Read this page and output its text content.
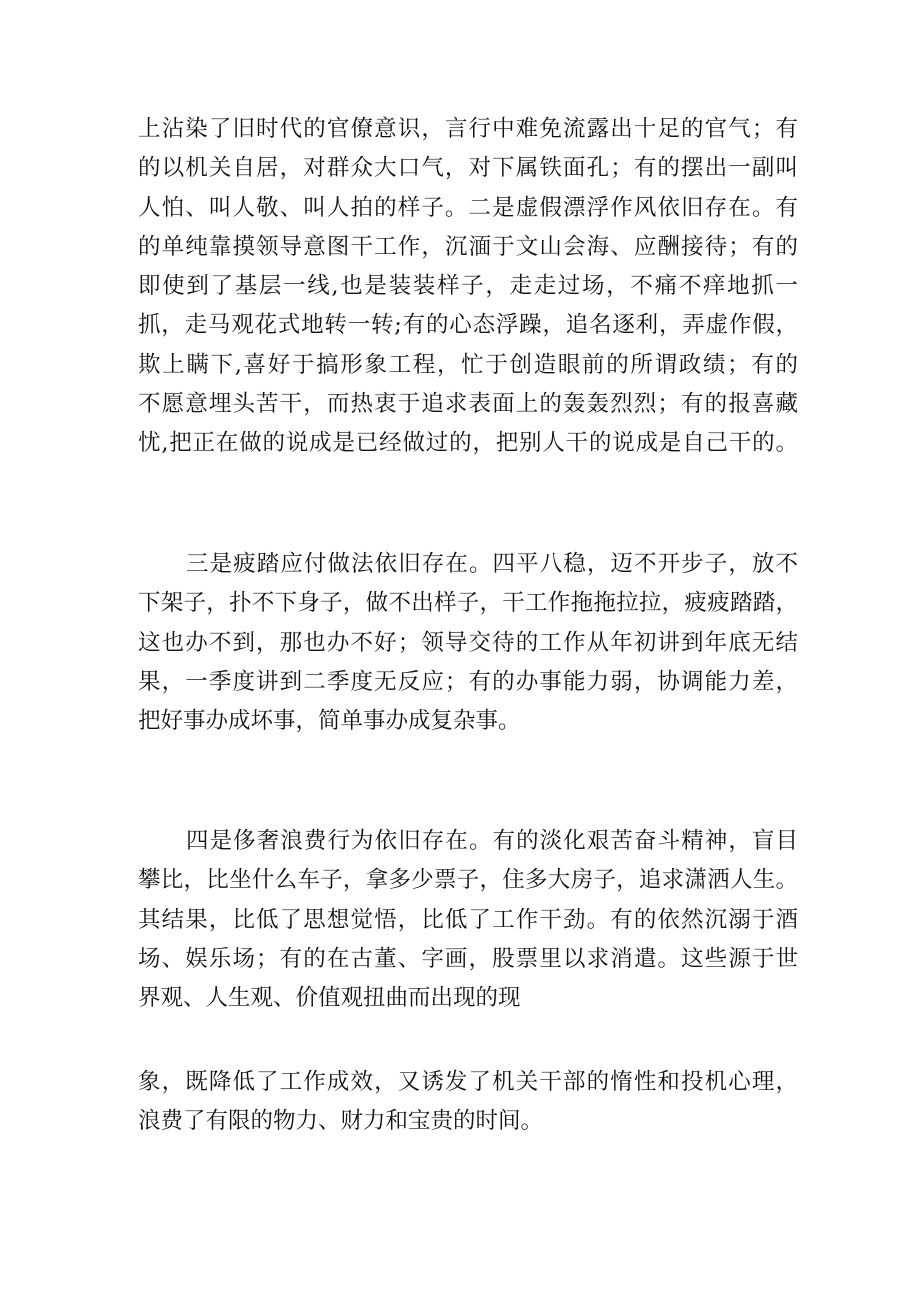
上沾染了旧时代的官僚意识，言行中难免流露出十足的官气；有
的以机关自居，对群众大口气，对下属铁面孔；有的摆出一副叫
人怕、叫人敬、叫人拍的样子。二是虚假漂浮作风依旧存在。有
的单纯靠摸领导意图干工作，沉湎于文山会海、应酬接待；有的
即使到了基层一线,也是装装样子，走走过场，不痛不痒地抓一
抓，走马观花式地转一转;有的心态浮躁，追名逐利，弄虚作假，
欺上瞒下,喜好于搞形象工程，忙于创造眼前的所谓政绩；有的
不愿意埋头苦干，而热衷于追求表面上的轰轰烈烈；有的报喜藏
忧,把正在做的说成是已经做过的，把别人干的说成是自己干的。
三是疲踏应付做法依旧存在。四平八稳，迈不开步子，放不
下架子，扑不下身子，做不出样子，干工作拖拖拉拉，疲疲踏踏，
这也办不到，那也办不好；领导交待的工作从年初讲到年底无结
果，一季度讲到二季度无反应；有的办事能力弱，协调能力差，
把好事办成坏事，简单事办成复杂事。
四是侈奢浪费行为依旧存在。有的淡化艰苦奋斗精神，盲目
攀比，比坐什么车子，拿多少票子，住多大房子，追求潇洒人生。
其结果，比低了思想觉悟，比低了工作干劲。有的依然沉溺于酒
场、娱乐场；有的在古董、字画，股票里以求消遣。这些源于世
界观、人生观、价值观扭曲而出现的现
象，既降低了工作成效，又诱发了机关干部的惰性和投机心理，
浪费了有限的物力、财力和宝贵的时间。
